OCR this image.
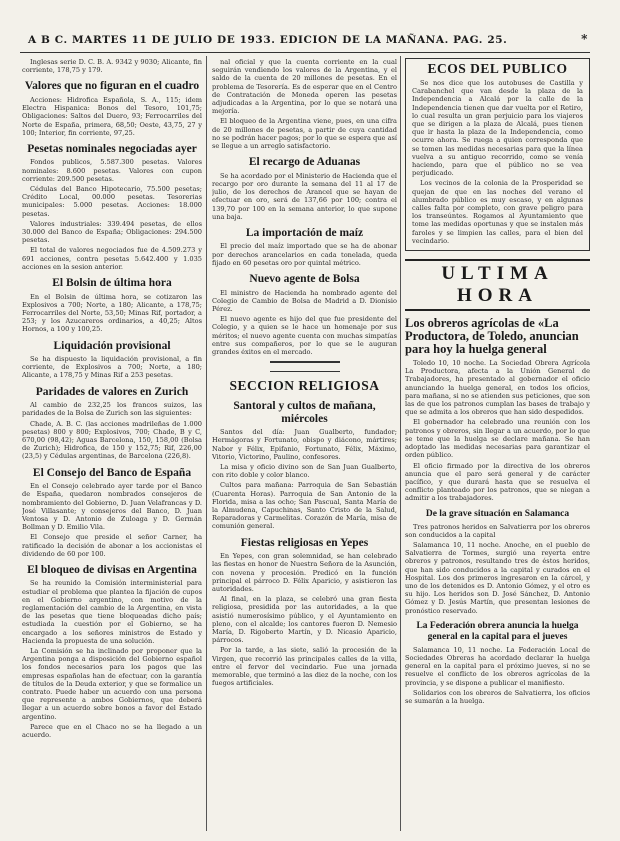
A B C. MARTES 11 DE JULIO DE 1933. EDICION DE LA MAÑANA. PAG. 25.	*

Inglesas serie D. C. B. A. 9342 y 9030; Alicante, fin corriente, 178,75 y 179.

Valores que no figuran en el cuadro

Acciones: Hidrofica Española, S. A., 115; idem Electra Hispanica: Bonos del Tesoro, 101,75; Obligaciones: Saltos del Duero, 93; Ferrocarriles del Norte de España, primera, 68,50; Oeste, 43,75, 27 y 100; Interior, fin corriente, 97,25.

Pesetas nominales negociadas ayer

Fondos publicos, 5.587.300 pesetas. Valores nominales: 8.600 pesetas. Valores con cupon corriente: 209.500 pesetas.

Cédulas del Banco Hipotecario, 75.500 pesetas; Crédito Local, 00.000 pesetas. Tesorerias municipales: 5.000 pesetas. Acciones: 18.000 pesetas.

Valores industriales: 339.494 pesetas, de ellos 30.000 del Banco de España; Obligaciones: 294.500 pesetas.

El total de valores negociados fue de 4.509.273 y 691 acciones, contra pesetas 5.642.400 y 1.035 acciones en la sesion anterior.

El Bolsin de última hora

En el Bolsin de última hora, se cotizaron las Explosivos a 700; Norte, a 180; Alicante, a 178,75; Ferrocarriles del Norte, 53,50; Minas Rif, portador, a 253; y los Azucareros ordinarios, a 40,25; Altos Hornos, a 100 y 100,25.

Liquidación provisional

Se ha dispuesto la liquidación provisional, a fin corriente, de Explosivos a 700; Norte, a 180; Alicante, a 178,75 y Minas Rif a 253 pesetas.

Paridades de valores en Zurich

Al cambio de 232,25 los francos suizos, las paridades de la Bolsa de Zurich son las siguientes:

Chade, A. B. C. (las acciones madrileñas de 1.000 pesetas) 800 y 800; Explosivos, 700; Chade, B y C, 670,00 (98,42); Aguas Barcelona, 150, 158,00 (Bolsa de Zurich); Hidrofica, de 150 y 152,75; Rif, 226,00 (23,5) y Cédulas argentinas, de Barcelona (226,8).

El Consejo del Banco de España

En el Consejo celebrado ayer tarde por el Banco de España, quedaron nombrados consejeros de nombramiento del Gobierno, D. Juan Velafrancas y D. José Villasante; y consejeros del Banco, D. Juan Ventosa y D. Antonio de Zuloaga y D. Germán Bollman y D. Emilio Vila.

El Consejo que preside el señor Carner, ha ratificado la decisión de abonar a los accionistas el dividendo de 60 por 100.

El bloqueo de divisas en Argentina

Se ha reunido la Comisión interministerial para estudiar el problema que plantea la fijación de cupos en el Gobierno argentino, con motivo de la reglamentación del cambio de la Argentina, en vista de las pesetas que tiene bloqueadas dicho país; estudiada la cuestión por el Gobierno, se ha encargado a los señores ministros de Estado y Hacienda la propuesta de una solución.

La Comisión se ha inclinado por proponer que la Argentina ponga a disposición del Gobierno español los fondos necesarios para los pagos que las empresas españolas han de efectuar, con la garantía de títulos de la Deuda exterior, y que se formalice un contrato. Puede haber un acuerdo con una persona que represente a ambos Gobiernos, que deberá llegar a un acuerdo sobre bonos a favor del Estado argentino.

Parece que en el Chaco no se ha llegado a un acuerdo.

nal oficial y que la cuenta corriente en la cual seguirán vendiendo los valores de la Argentina, y el saldo de la cuenta de 20 millones de pesetas. En el problema de Tesorería. Es de esperar que en el Centro de Contratación de Moneda operen las pesetas adjudicadas a la Argentina, por lo que se notará una mejoría.

El bloqueo de la Argentina viene, pues, en una cifra de 20 millones de pesetas, a partir de cuya cantidad no se podrán hacer pagos; por lo que se espera que así se llegue a un arreglo satisfactorio.

El recargo de Aduanas

Se ha acordado por el Ministerio de Hacienda que el recargo por oro durante la semana del 11 al 17 de julio, de los derechos de Arancel que se hayan de efectuar en oro, será de 137,66 por 100; contra el 139,70 por 100 en la semana anterior, lo que supone una baja.

La importación de maíz

El precio del maíz importado que se ha de abonar por derechos arancelarios en cada tonelada, queda fijado en 60 pesetas oro por quintal métrico.

Nuevo agente de Bolsa

El ministro de Hacienda ha nombrado agente del Colegio de Cambio de Bolsa de Madrid a D. Dionisio Pérez.

El nuevo agente es hijo del que fue presidente del Colegio, y a quien se le hace un homenaje por sus méritos; el nuevo agente cuenta con muchas simpatías entre sus compañeros, por lo que se le auguran grandes éxitos en el mercado.

SECCION RELIGIOSA
Santoral y cultos de mañana, miércoles

Santos del día: Juan Gualberto, fundador; Hermágoras y Fortunato, obispo y diácono, mártires; Nabor y Félix, Epifanio, Fortunato, Félix, Máximo, Vitorio, Victorino, Paulino, confesores.

La misa y oficio divino son de San Juan Gualberto, con rito doble y color blanco.

Cultos para mañana: Parroquia de San Sebastián (Cuarenta Horas). Parroquia de San Antonio de la Florida, misa a las ocho; San Pascual, Santa María de la Almudena, Capuchinas, Santo Cristo de la Salud, Reparadoras y Carmelitas. Corazón de María, misa de comunión general.

Fiestas religiosas en Yepes

En Yepes, con gran solemnidad, se han celebrado las fiestas en honor de Nuestra Señora de la Asunción, con novena y procesión. Predicó en la función principal el párroco D. Félix Aparicio, y asistieron las autoridades.

Al final, en la plaza, se celebró una gran fiesta religiosa, presidida por las autoridades, a la que asistió numerosísimo público, y el Ayuntamiento en pleno, con el alcalde; los cantores fueron D. Nemesio María, D. Rigoberto Martín, y D. Nicasio Aparicio, párrocos.

Por la tarde, a las siete, salió la procesión de la Virgen, que recorrió las principales calles de la villa, entre el fervor del vecindario. Fue una jornada memorable, que terminó a las diez de la noche, con los fuegos artificiales.

ECOS DEL PUBLICO

Se nos dice que los autobuses de Castilla y Carabanchel que van desde la plaza de la Independencia a Alcalá por la calle de la Independencia tienen que dar vuelta por el Retiro, lo cual resulta un gran perjuicio para los viajeros que se dirigen a la plaza de Alcalá, pues tienen que ir hasta la plaza de la Independencia, como ocurre ahora. Se ruega a quien corresponda que se tomen las medidas necesarias para que la línea vuelva a su antiguo recorrido, como se venía haciendo, para que el público no se vea perjudicado.

Los vecinos de la colonia de la Prosperidad se quejan de que en las noches del verano el alumbrado público es muy escaso, y en algunas calles falta por completo, con grave peligro para los transeúntes. Rogamos al Ayuntamiento que tome las medidas oportunas y que se instalen más faroles y se limpien las calles, para el bien del vecindario.

ULTIMA HORA
Los obreros agrícolas de «La Productora, de Toledo, anuncian para hoy la huelga general

Toledo 10, 10 noche. La Sociedad Obrera Agrícola La Productora, afecta a la Unión General de Trabajadores, ha presentado al gobernador el oficio anunciando la huelga general, en todos los oficios, para mañana, si no se atienden sus peticiones, que son las de que los patronos cumplan las bases de trabajo y que se admita a los obreros que han sido despedidos.

El gobernador ha celebrado una reunión con los patronos y obreros, sin llegar a un acuerdo, por lo que se teme que la huelga se declare mañana. Se han adoptado las medidas necesarias para garantizar el orden público.

El oficio firmado por la directiva de los obreros anuncia que el paro será general y de carácter pacífico, y que durará hasta que se resuelva el conflicto planteado por los patronos, que se niegan a admitir a los trabajadores.

De la grave situación en Salamanca

Tres patronos heridos en Salvatierra por los obreros son conducidos a la capital

Salamanca 10, 11 noche. Anoche, en el pueblo de Salvatierra de Tormes, surgió una reyerta entre obreros y patronos, resultando tres de éstos heridos, que han sido conducidos a la capital y curados en el Hospital. Los dos primeros ingresaron en la cárcel, y uno de los detenidos es D. Antonio Gómez, y el otro es su hijo. Los heridos son D. José Sánchez, D. Antonio Gómez y D. Jesús Martín, que presentan lesiones de pronóstico reservado.

La Federación obrera anuncia la huelga general en la capital para el jueves

Salamanca 10, 11 noche. La Federación Local de Sociedades Obreras ha acordado declarar la huelga general en la capital para el próximo jueves, si no se resuelve el conflicto de los obreros agrícolas de la provincia, y se dispone a publicar el manifiesto.

Solidarios con los obreros de Salvatierra, los oficios se sumarán a la huelga.
